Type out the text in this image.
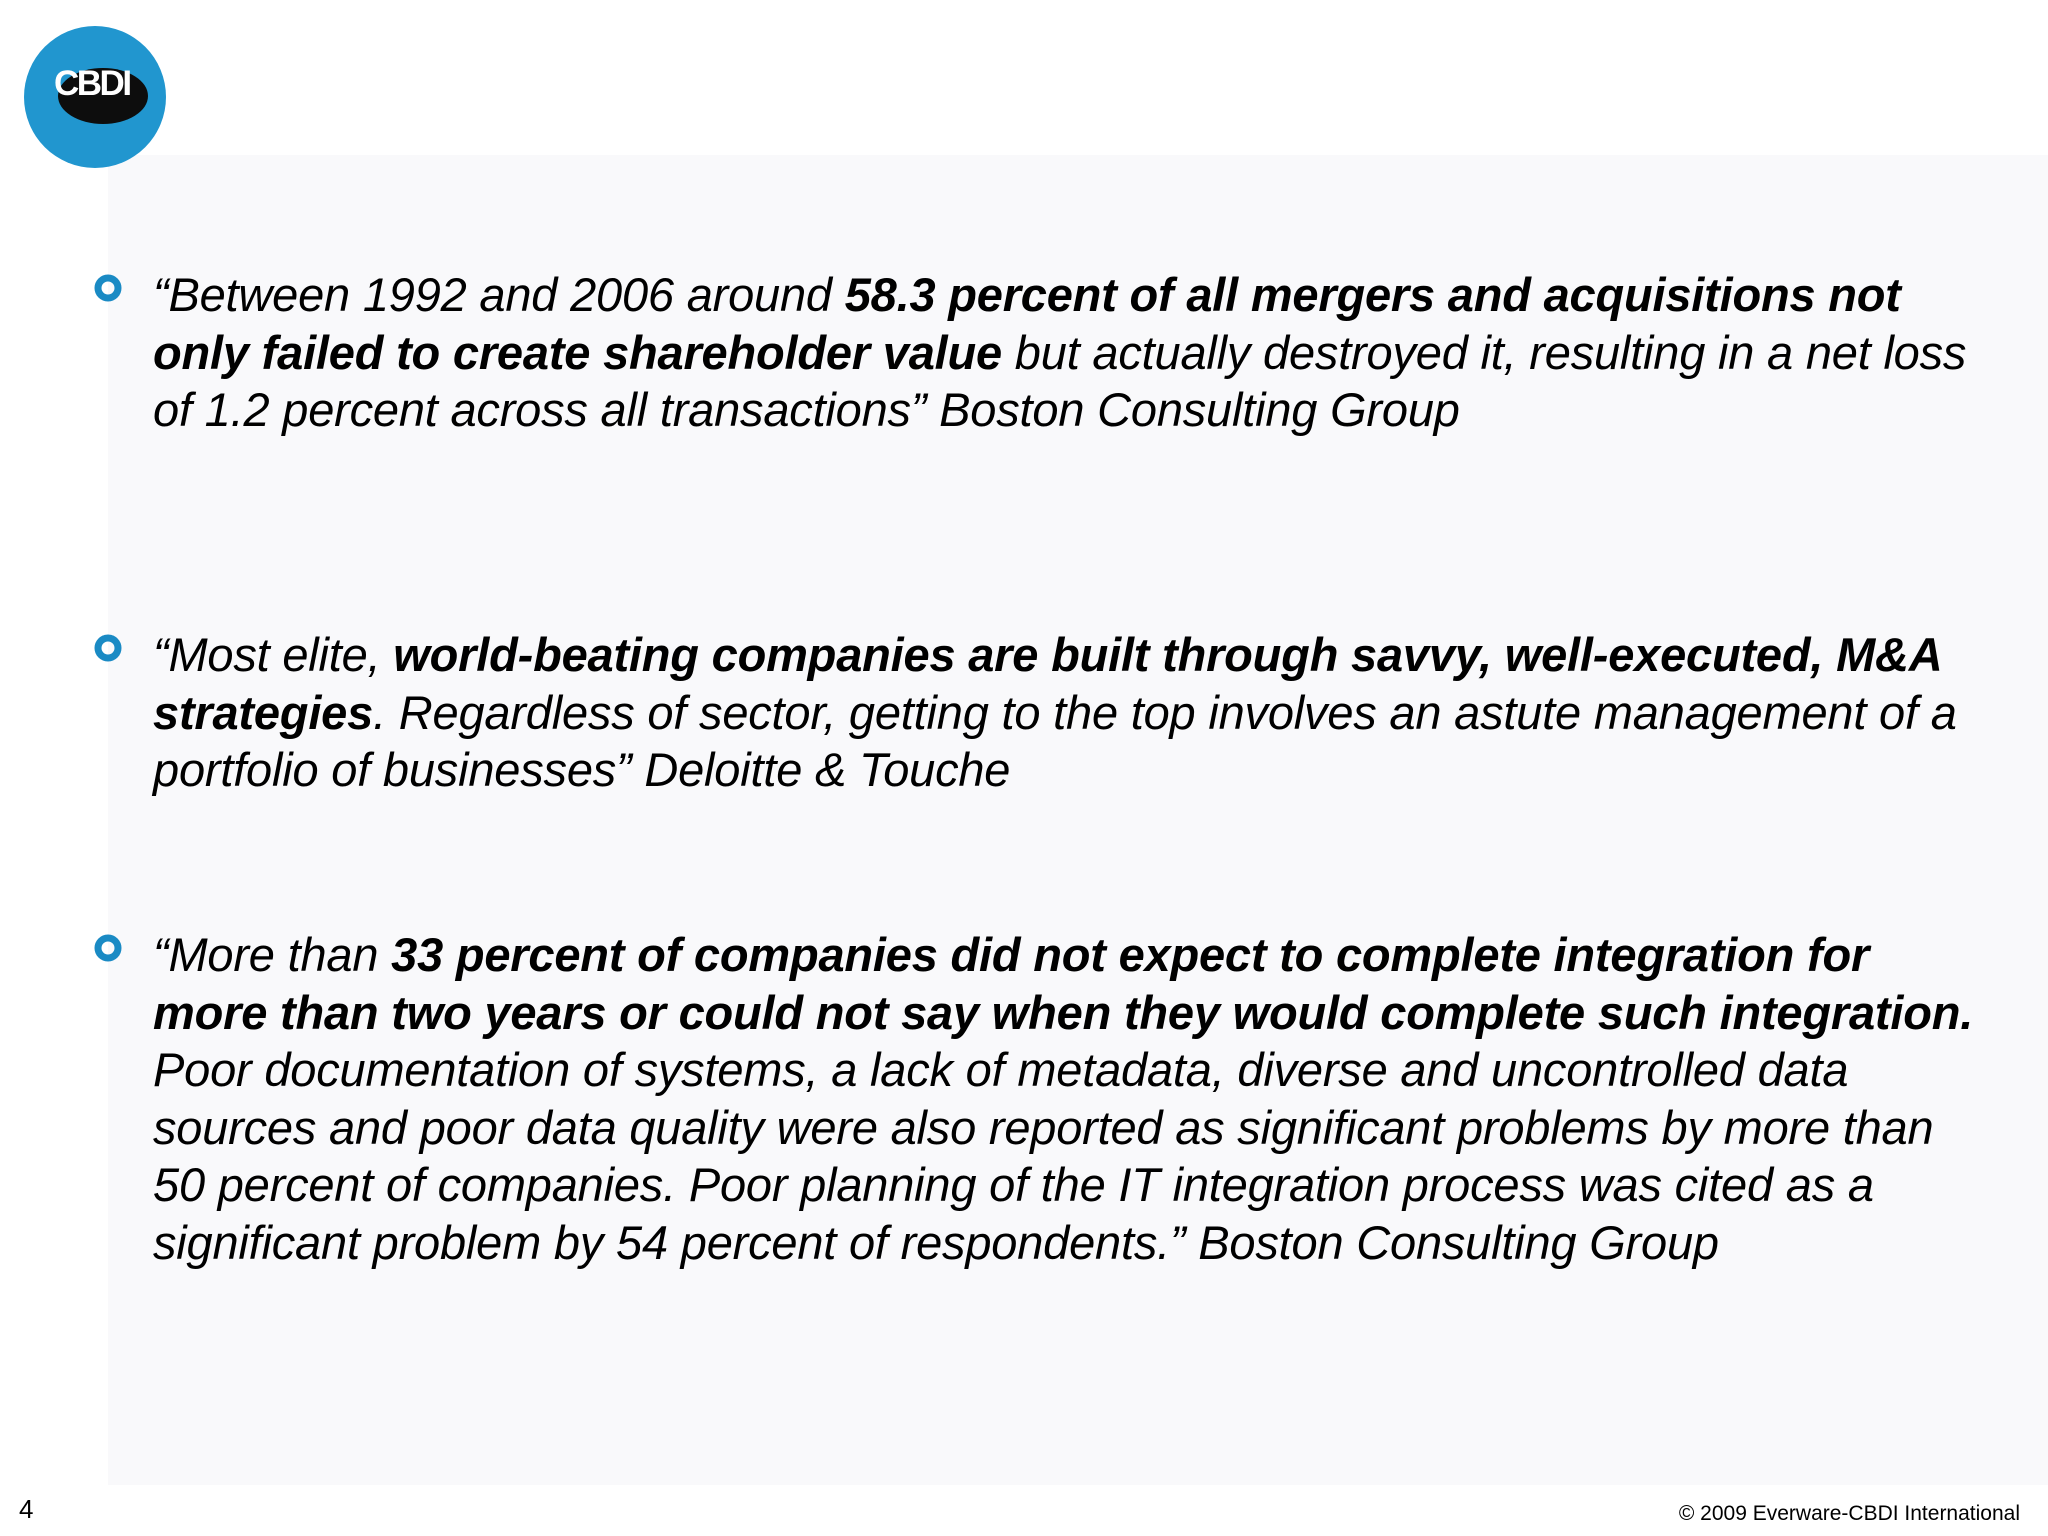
CBDI

“Between 1992 and 2006 around 58.3 percent of all mergers and acquisitions not only failed to create shareholder value but actually destroyed it, resulting in a net loss of 1.2 percent across all transactions” Boston Consulting Group

“Most elite, world-beating companies are built through savvy, well-executed, M&A strategies. Regardless of sector, getting to the top involves an astute management of a portfolio of businesses” Deloitte & Touche

“More than 33 percent of companies did not expect to complete integration for more than two years or could not say when they would complete such integration. Poor documentation of systems, a lack of metadata, diverse and uncontrolled data sources and poor data quality were also reported as significant problems by more than 50 percent of companies. Poor planning of the IT integration process was cited as a significant problem by 54 percent of respondents.” Boston Consulting Group

4	© 2009 Everware-CBDI International
